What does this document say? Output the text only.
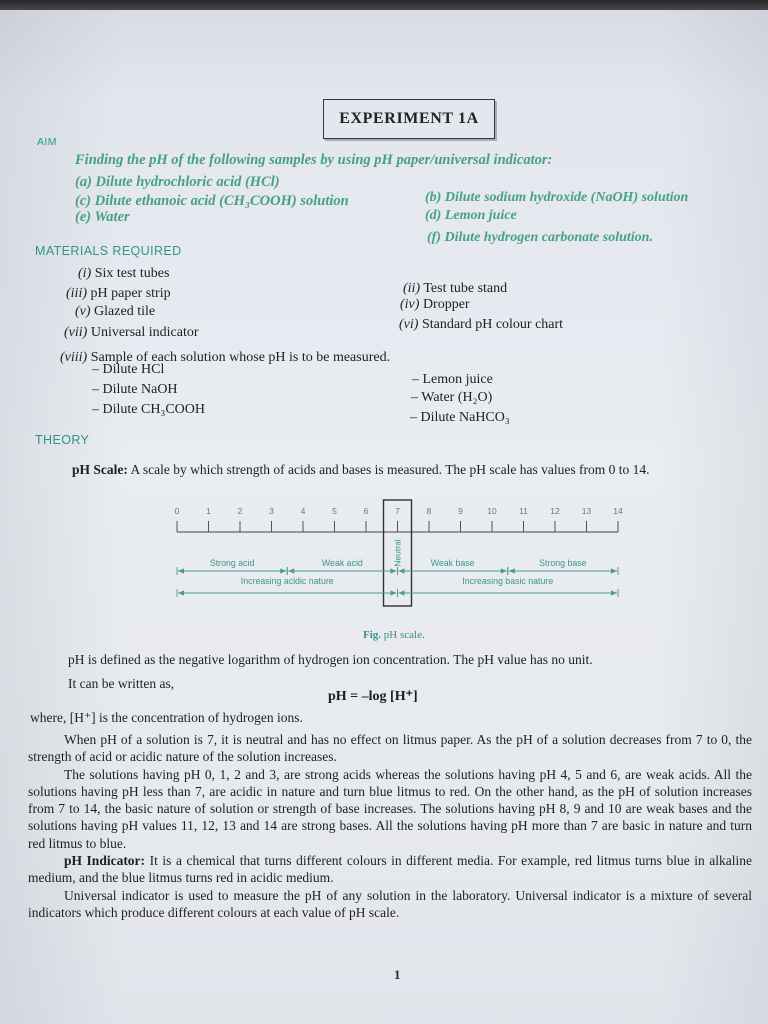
EXPERIMENT 1A
AIM
Finding the pH of the following samples by using pH paper/universal indicator:
(a) Dilute hydrochloric acid (HCl)
(b) Dilute sodium hydroxide (NaOH) solution
(c) Dilute ethanoic acid (CH₃COOH) solution
(d) Lemon juice
(e) Water
(f) Dilute hydrogen carbonate solution.
MATERIALS REQUIRED
(i) Six test tubes
(ii) Test tube stand
(iii) pH paper strip
(iv) Dropper
(v) Glazed tile
(vi) Standard pH colour chart
(vii) Universal indicator
(viii) Sample of each solution whose pH is to be measured.
– Dilute HCl
– Dilute NaOH
– Dilute CH₃COOH
– Lemon juice
– Water (H₂O)
– Dilute NaHCO₃
THEORY
pH Scale: A scale by which strength of acids and bases is measured. The pH scale has values from 0 to 14.
0	1	2	3	4	5	6	7	8	9	10	11	12	13	14
Neutral
Strong acid	Weak acid	Weak base	Strong base
Increasing acidic nature	Increasing basic nature
Fig. pH scale.
pH is defined as the negative logarithm of hydrogen ion concentration. The pH value has no unit.
It can be written as,
pH = –log [H⁺]
where, [H⁺] is the concentration of hydrogen ions.

When pH of a solution is 7, it is neutral and has no effect on litmus paper. As the pH of a solution decreases from 7 to 0, the strength of acid or acidic nature of the solution increases.

The solutions having pH 0, 1, 2 and 3, are strong acids whereas the solutions having pH 4, 5 and 6, are weak acids. All the solutions having pH less than 7, are acidic in nature and turn blue litmus to red. On the other hand, as the pH of solution increases from 7 to 14, the basic nature of solution or strength of base increases. The solutions having pH 8, 9 and 10 are weak bases and the solutions having pH values 11, 12, 13 and 14 are strong bases. All the solutions having pH more than 7 are basic in nature and turn red litmus to blue.

pH Indicator: It is a chemical that turns different colours in different media. For example, red litmus turns blue in alkaline medium, and the blue litmus turns red in acidic medium.

Universal indicator is used to measure the pH of any solution in the laboratory. Universal indicator is a mixture of several indicators which produce different colours at each value of pH scale.

1
